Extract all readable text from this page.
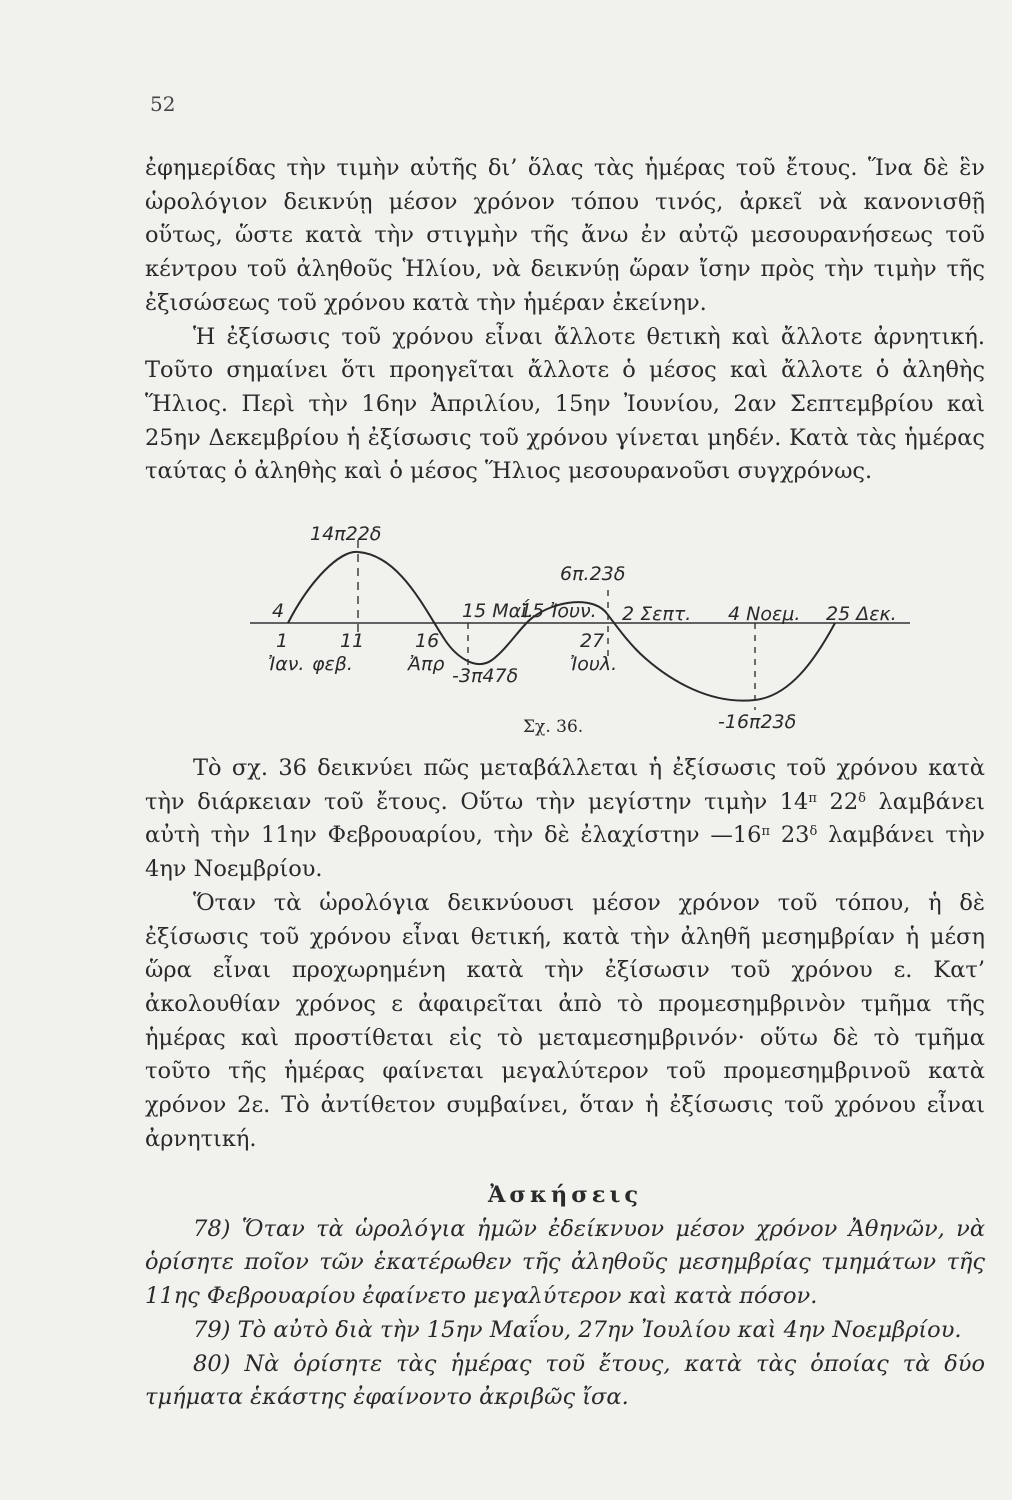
52

ἐφημερίδας τὴν τιμὴν αὐτῆς δι’ ὅλας τὰς ἡμέρας τοῦ ἔτους. Ἵνα δὲ ἓν ὡρολόγιον δεικνύῃ μέσον χρόνον τόπου τινός, ἀρκεῖ νὰ κανονισθῇ οὕτως, ὥστε κατὰ τὴν στιγμὴν τῆς ἄνω ἐν αὐτῷ μεσουρανήσεως τοῦ κέντρου τοῦ ἀληθοῦς Ἡλίου, νὰ δεικνύῃ ὥραν ἴσην πρὸς τὴν τιμὴν τῆς ἐξισώσεως τοῦ χρόνου κατὰ τὴν ἡμέραν ἐκείνην.

Ἡ ἐξίσωσις τοῦ χρόνου εἶναι ἄλλοτε θετικὴ καὶ ἄλλοτε ἀρνητική. Τοῦτο σημαίνει ὅτι προηγεῖται ἄλλοτε ὁ μέσος καὶ ἄλλοτε ὁ ἀληθὴς Ἥλιος. Περὶ τὴν 16ην Ἀπριλίου, 15ην Ἰουνίου, 2αν Σεπτεμβρίου καὶ 25ην Δεκεμβρίου ἡ ἐξίσωσις τοῦ χρόνου γίνεται μηδέν. Κατὰ τὰς ἡμέρας ταύτας ὁ ἀληθὴς καὶ ὁ μέσος Ἥλιος μεσουρανοῦσι συγχρόνως.

14π22δ
6π.23δ
4	15 Μαΐ.
15 Ἰουν. 2 Σεπτ. 4 Νοεμ. 25 Δεκ.
1	11	16	27
Ἰαν. φεβ.	Ἀπρ	Ἰουλ.
-3π47δ
Σχ. 36.	-16π23δ

Τὸ σχ. 36 δεικνύει πῶς μεταβάλλεται ἡ ἐξίσωσις τοῦ χρόνου κατὰ τὴν διάρκειαν τοῦ ἔτους. Οὕτω τὴν μεγίστην τιμὴν $14^\pi$ $22^\delta$ λαμβάνει αὐτὴ τὴν 11ην Φεβρουαρίου, τὴν δὲ ἐλαχίστην $—16^\pi$ $23^\delta$ λαμβάνει τὴν 4ην Νοεμβρίου.

Ὅταν τὰ ὡρολόγια δεικνύουσι μέσον χρόνον τοῦ τόπου, ἡ δὲ ἐξίσωσις τοῦ χρόνου εἶναι θετική, κατὰ τὴν ἀληθῆ μεσημβρίαν ἡ μέση ὥρα εἶναι προχωρημένη κατὰ τὴν ἐξίσωσιν τοῦ χρόνου ε. Κατ’ ἀκολουθίαν χρόνος ε ἀφαιρεῖται ἀπὸ τὸ προμεσημβρινὸν τμῆμα τῆς ἡμέρας καὶ προστίθεται εἰς τὸ μεταμεσημβρινόν· οὕτω δὲ τὸ τμῆμα τοῦτο τῆς ἡμέρας φαίνεται μεγαλύτερον τοῦ προμεσημβρινοῦ κατὰ χρόνον 2ε. Τὸ ἀντίθετον συμβαίνει, ὅταν ἡ ἐξίσωσις τοῦ χρόνου εἶναι ἀρνητική.

Ἀσκήσεις

78) Ὅταν τὰ ὡρολόγια ἡμῶν ἐδείκνυον μέσον χρόνον Ἀθηνῶν, νὰ ὁρίσητε ποῖον τῶν ἑκατέρωθεν τῆς ἀληθοῦς μεσημβρίας τμημάτων τῆς 11ης Φεβρουαρίου ἐφαίνετο μεγαλύτερον καὶ κατὰ πόσον.

79) Τὸ αὐτὸ διὰ τὴν 15ην Μαΐου, 27ην Ἰουλίου καὶ 4ην Νοεμβρίου.

80) Νὰ ὁρίσητε τὰς ἡμέρας τοῦ ἔτους, κατὰ τὰς ὁποίας τὰ δύο τμήματα ἑκάστης ἐφαίνοντο ἀκριβῶς ἴσα.
